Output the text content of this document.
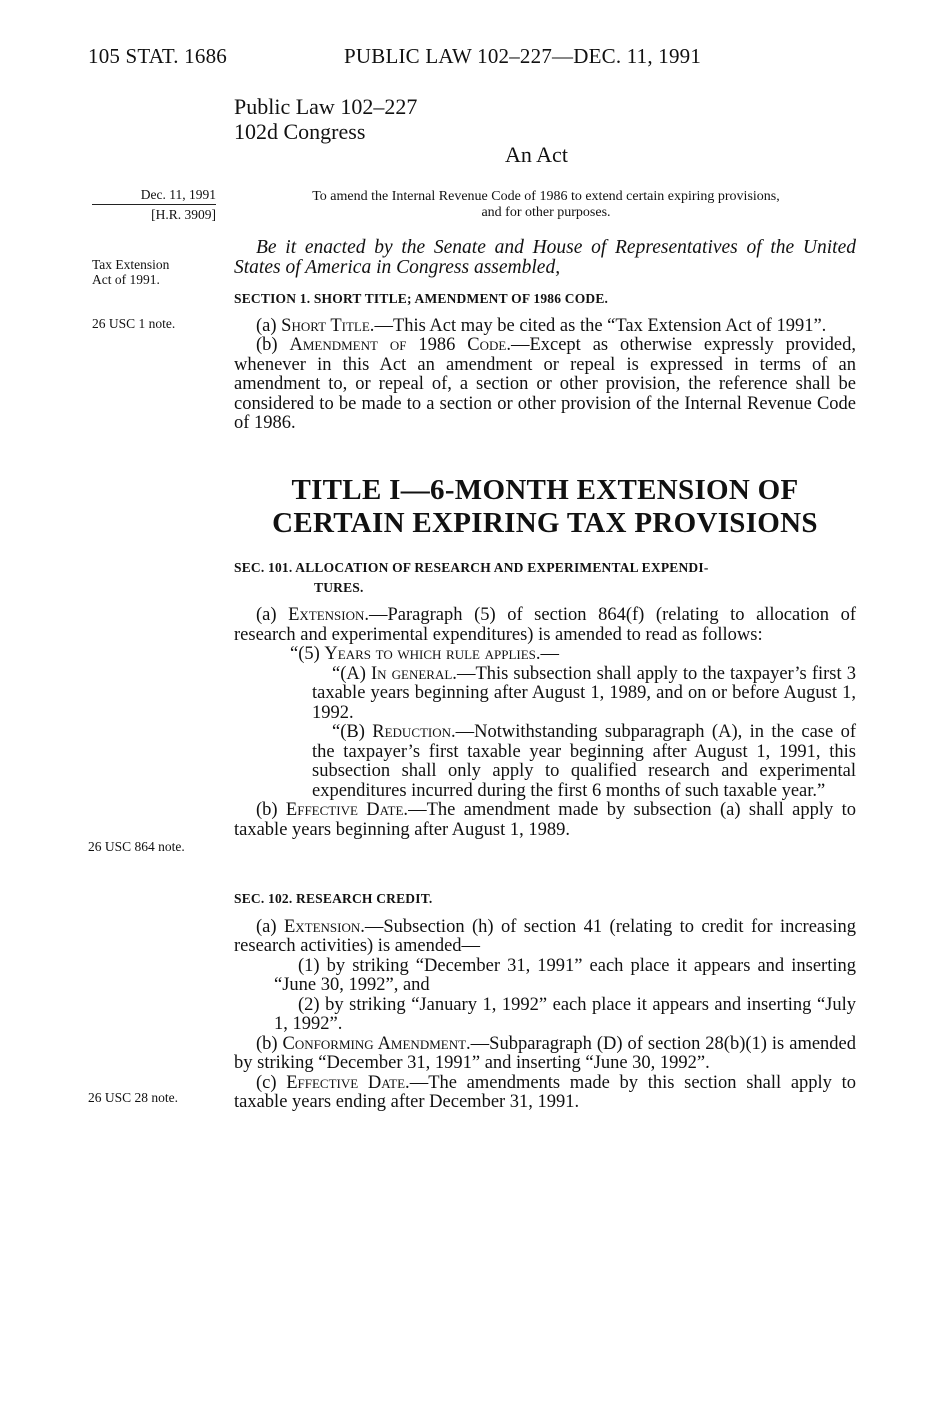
105 STAT. 1686	PUBLIC LAW 102–227—DEC. 11, 1991
Public Law 102–227
102d Congress
An Act
Dec. 11, 1991
[H.R. 3909]
Tax Extension
Act of 1991.
26 USC 1 note.
26 USC 864 note.
26 USC 28 note.
To amend the Internal Revenue Code of 1986 to extend certain expiring provisions,
and for other purposes.

Be it enacted by the Senate and House of Representatives of the United States of America in Congress assembled,

SECTION 1. SHORT TITLE; AMENDMENT OF 1986 CODE.

(a) Short Title.—This Act may be cited as the “Tax Extension Act of 1991”.

(b) Amendment of 1986 Code.—Except as otherwise expressly provided, whenever in this Act an amendment or repeal is expressed in terms of an amendment to, or repeal of, a section or other provision, the reference shall be considered to be made to a section or other provision of the Internal Revenue Code of 1986.

TITLE I—6-MONTH EXTENSION OF
CERTAIN EXPIRING TAX PROVISIONS
SEC. 101. ALLOCATION OF RESEARCH AND EXPERIMENTAL EXPENDI-
TURES.

(a) Extension.—Paragraph (5) of section 864(f) (relating to allocation of research and experimental expenditures) is amended to read as follows:

“(5) Years to which rule applies.—

“(A) In general.—This subsection shall apply to the taxpayer’s first 3 taxable years beginning after August 1, 1989, and on or before August 1, 1992.

“(B) Reduction.—Notwithstanding subparagraph (A), in the case of the taxpayer’s first taxable year beginning after August 1, 1991, this subsection shall only apply to qualified research and experimental expenditures incurred during the first 6 months of such taxable year.”

(b) Effective Date.—The amendment made by subsection (a) shall apply to taxable years beginning after August 1, 1989.

SEC. 102. RESEARCH CREDIT.

(a) Extension.—Subsection (h) of section 41 (relating to credit for increasing research activities) is amended—

(1) by striking “December 31, 1991” each place it appears and inserting “June 30, 1992”, and

(2) by striking “January 1, 1992” each place it appears and inserting “July 1, 1992”.

(b) Conforming Amendment.—Subparagraph (D) of section 28(b)(1) is amended by striking “December 31, 1991” and inserting “June 30, 1992”.

(c) Effective Date.—The amendments made by this section shall apply to taxable years ending after December 31, 1991.
